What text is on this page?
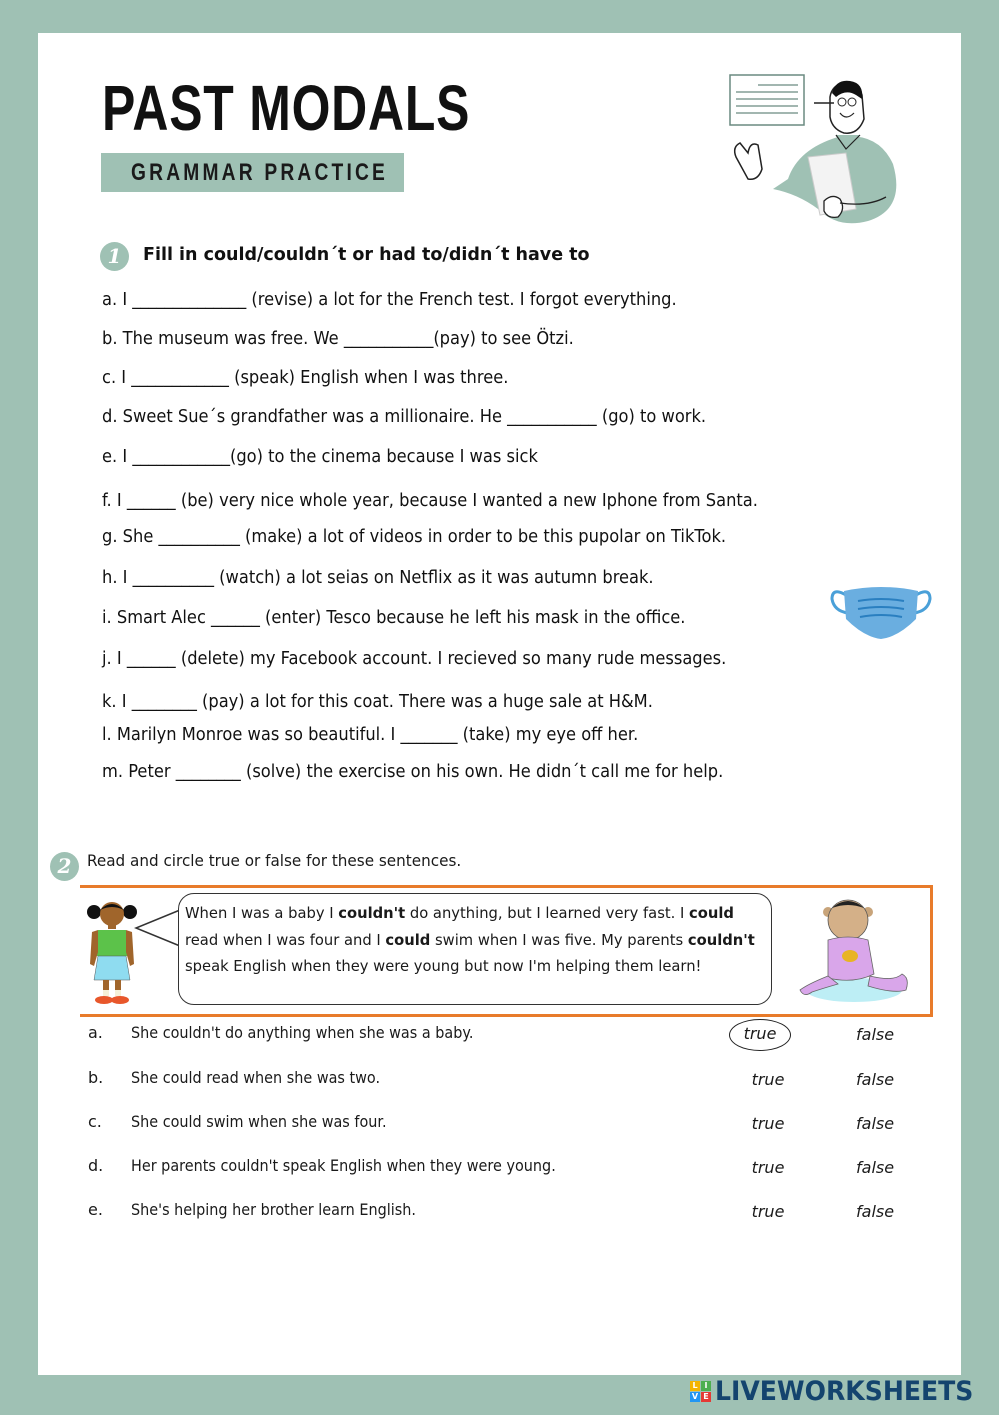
PAST MODALS
GRAMMAR PRACTICE
1	Fill in could/couldn´t or had to/didn´t have to
a. I ______________ (revise) a lot for the French test. I forgot everything.
b. The museum was free. We ___________(pay) to see Ötzi.
c. I ____________ (speak) English when I was three.
d. Sweet Sue´s grandfather was a millionaire. He ___________ (go) to work.
e. I ____________(go) to the cinema because I was sick
f. I ______ (be) very nice whole year, because I wanted a new Iphone from Santa.
g. She __________ (make) a lot of videos in order to be this pupolar on TikTok.
h. I __________ (watch) a lot seias on Netflix as it was autumn break.
i. Smart Alec ______ (enter) Tesco because he left his mask in the office.
j. I ______ (delete) my Facebook account. I recieved so many rude messages.
k. I ________ (pay) a lot for this coat. There was a huge sale at H&M.
l. Marilyn Monroe was so beautiful. I _______ (take) my eye off her.
m. Peter ________ (solve) the exercise on his own. He didn´t call me for help.
2 Read and circle true or false for these sentences.
When I was a baby I couldn't do anything, but I learned very fast. I could read when I was four and I could swim when I was five. My parents couldn't speak English when they were young but now I'm helping them learn!
a. She couldn't do anything when she was a baby.	true	false
b. She could read when she was two.	true	false
c. She could swim when she was four.	true	false
d. Her parents couldn't speak English when they were young.	true	false
e. She's helping her brother learn English.	true	false
L I
V E LIVEWORKSHEETS
